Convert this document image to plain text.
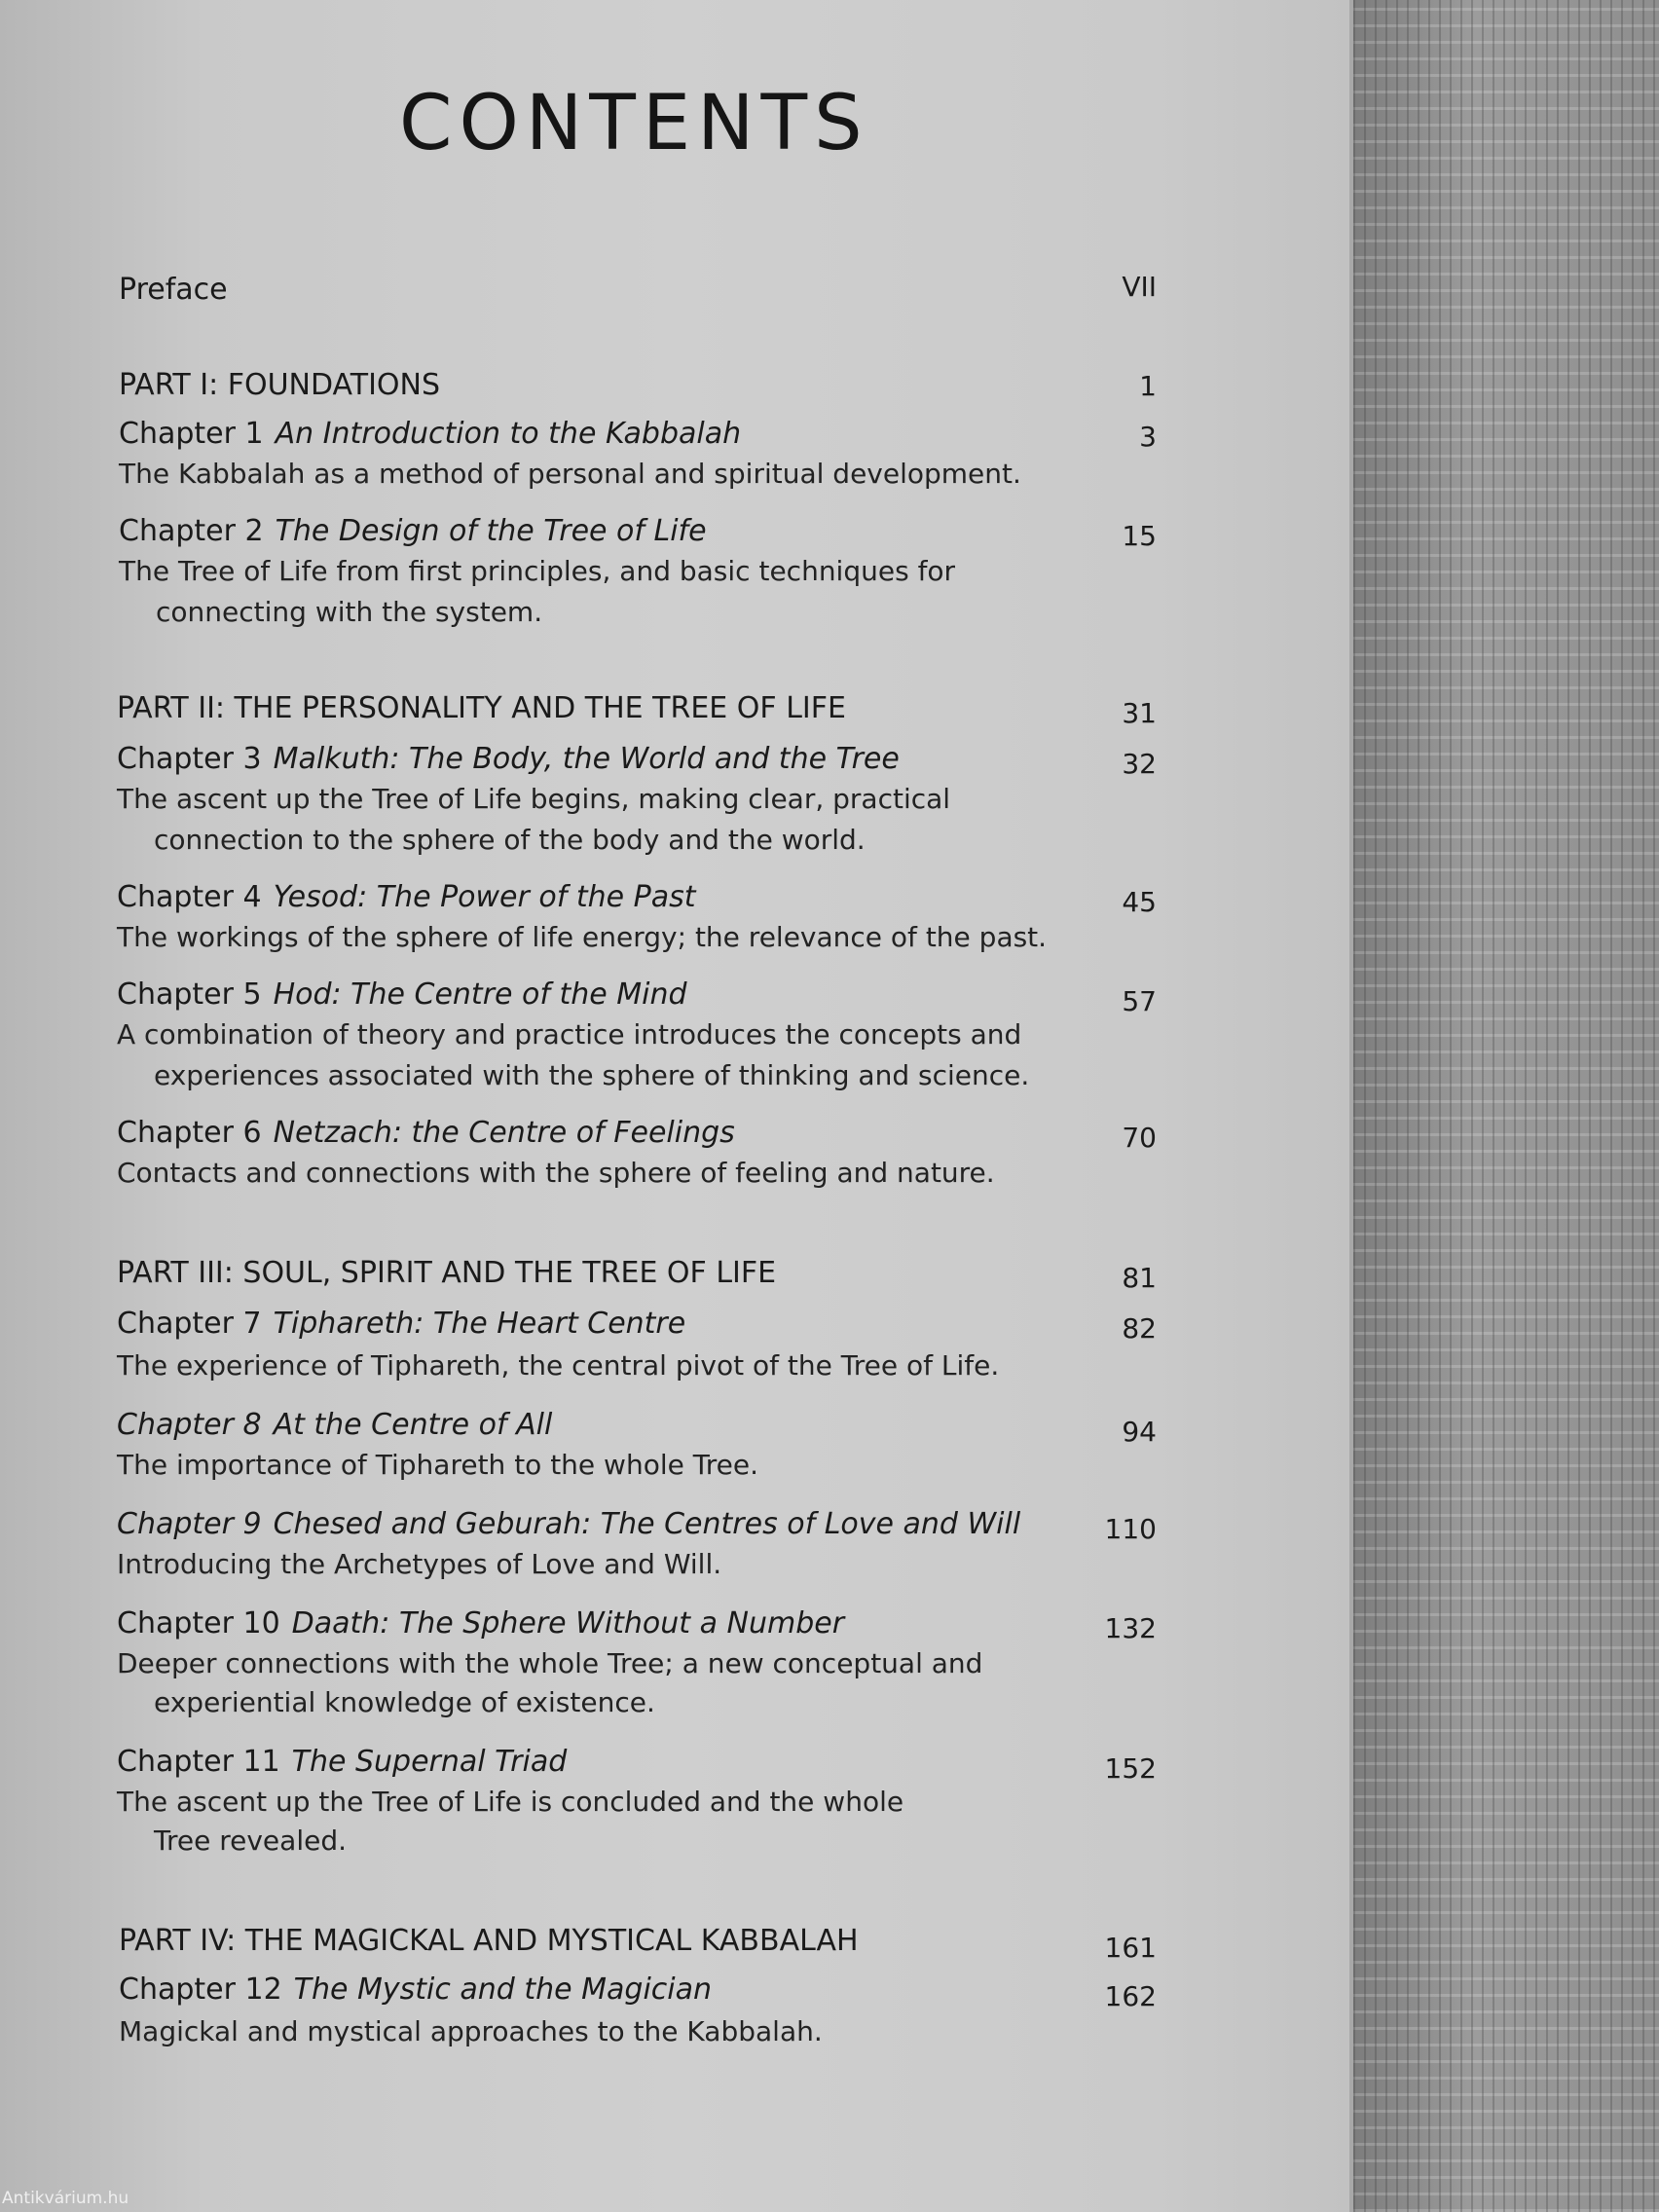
CONTENTS
Preface	VII
PART I: FOUNDATIONS	1
Chapter 1 An Introduction to the Kabbalah	3
The Kabbalah as a method of personal and spiritual development.
Chapter 2 The Design of the Tree of Life	15
The Tree of Life from first principles, and basic techniques for
connecting with the system.
PART II: THE PERSONALITY AND THE TREE OF LIFE	31
Chapter 3 Malkuth: The Body, the World and the Tree	32
The ascent up the Tree of Life begins, making clear, practical
connection to the sphere of the body and the world.
Chapter 4 Yesod: The Power of the Past	45
The workings of the sphere of life energy; the relevance of the past.
Chapter 5 Hod: The Centre of the Mind	57
A combination of theory and practice introduces the concepts and
experiences associated with the sphere of thinking and science.
Chapter 6 Netzach: the Centre of Feelings	70
Contacts and connections with the sphere of feeling and nature.
PART III: SOUL, SPIRIT AND THE TREE OF LIFE	81
Chapter 7 Tiphareth: The Heart Centre	82
The experience of Tiphareth, the central pivot of the Tree of Life.
Chapter 8 At the Centre of All	94
The importance of Tiphareth to the whole Tree.
Chapter 9 Chesed and Geburah: The Centres of Love and Will	110
Introducing the Archetypes of Love and Will.
Chapter 10 Daath: The Sphere Without a Number	132
Deeper connections with the whole Tree; a new conceptual and
experiential knowledge of existence.
Chapter 11 The Supernal Triad	152
The ascent up the Tree of Life is concluded and the whole
Tree revealed.
PART IV: THE MAGICKAL AND MYSTICAL KABBALAH	161
Chapter 12 The Mystic and the Magician	162
Magickal and mystical approaches to the Kabbalah.
Antikvárium.hu
